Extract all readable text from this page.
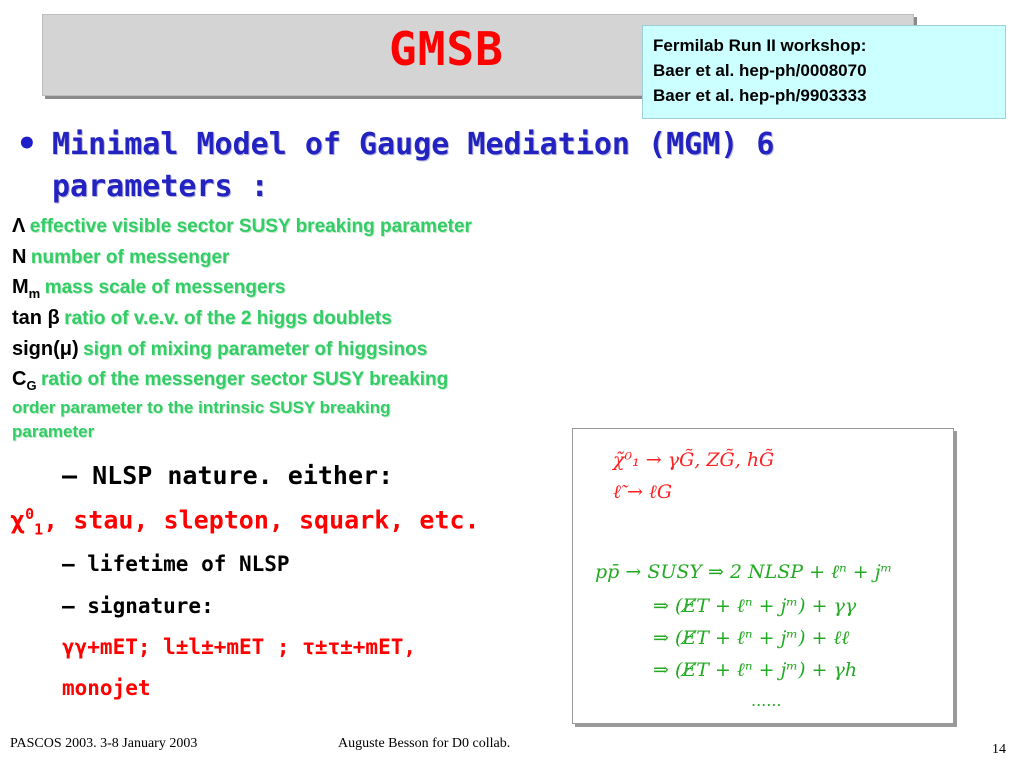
GMSB	Fermilab Run II workshop:
Baer et al. hep-ph/0008070
Baer et al. hep-ph/9903333
• Minimal Model of Gauge Mediation (MGM) 6
parameters :
Λ effective visible sector SUSY breaking parameter
N number of messenger
$M_m$ mass scale of messengers
tan β ratio of v.e.v. of the 2 higgs doublets
sign(μ) sign of mixing parameter of higgsinos
$C_G$ ratio of the messenger sector SUSY breaking
order parameter to the intrinsic SUSY breaking
parameter
– NLSP nature. either:
$\chi^0_1$, stau, slepton, squark, etc.
– lifetime of NLSP
– signature:
γγ+mET; l±l±+mET ; τ±τ±+mET,
monojet
χ̃⁰₁ → γG̃, ZG̃, hG̃
ℓ̃ → ℓG
pp̄ → SUSY ⇒ 2 NLSP + ℓⁿ + jᵐ
⇒ (E̸T + ℓⁿ + jᵐ) + γγ
⇒ (E̸T + ℓⁿ + jᵐ) + ℓℓ
⇒ (E̸T + ℓⁿ + jᵐ) + γh
......
PASCOS 2003. 3-8 January 2003	Auguste Besson for D0 collab.	14
